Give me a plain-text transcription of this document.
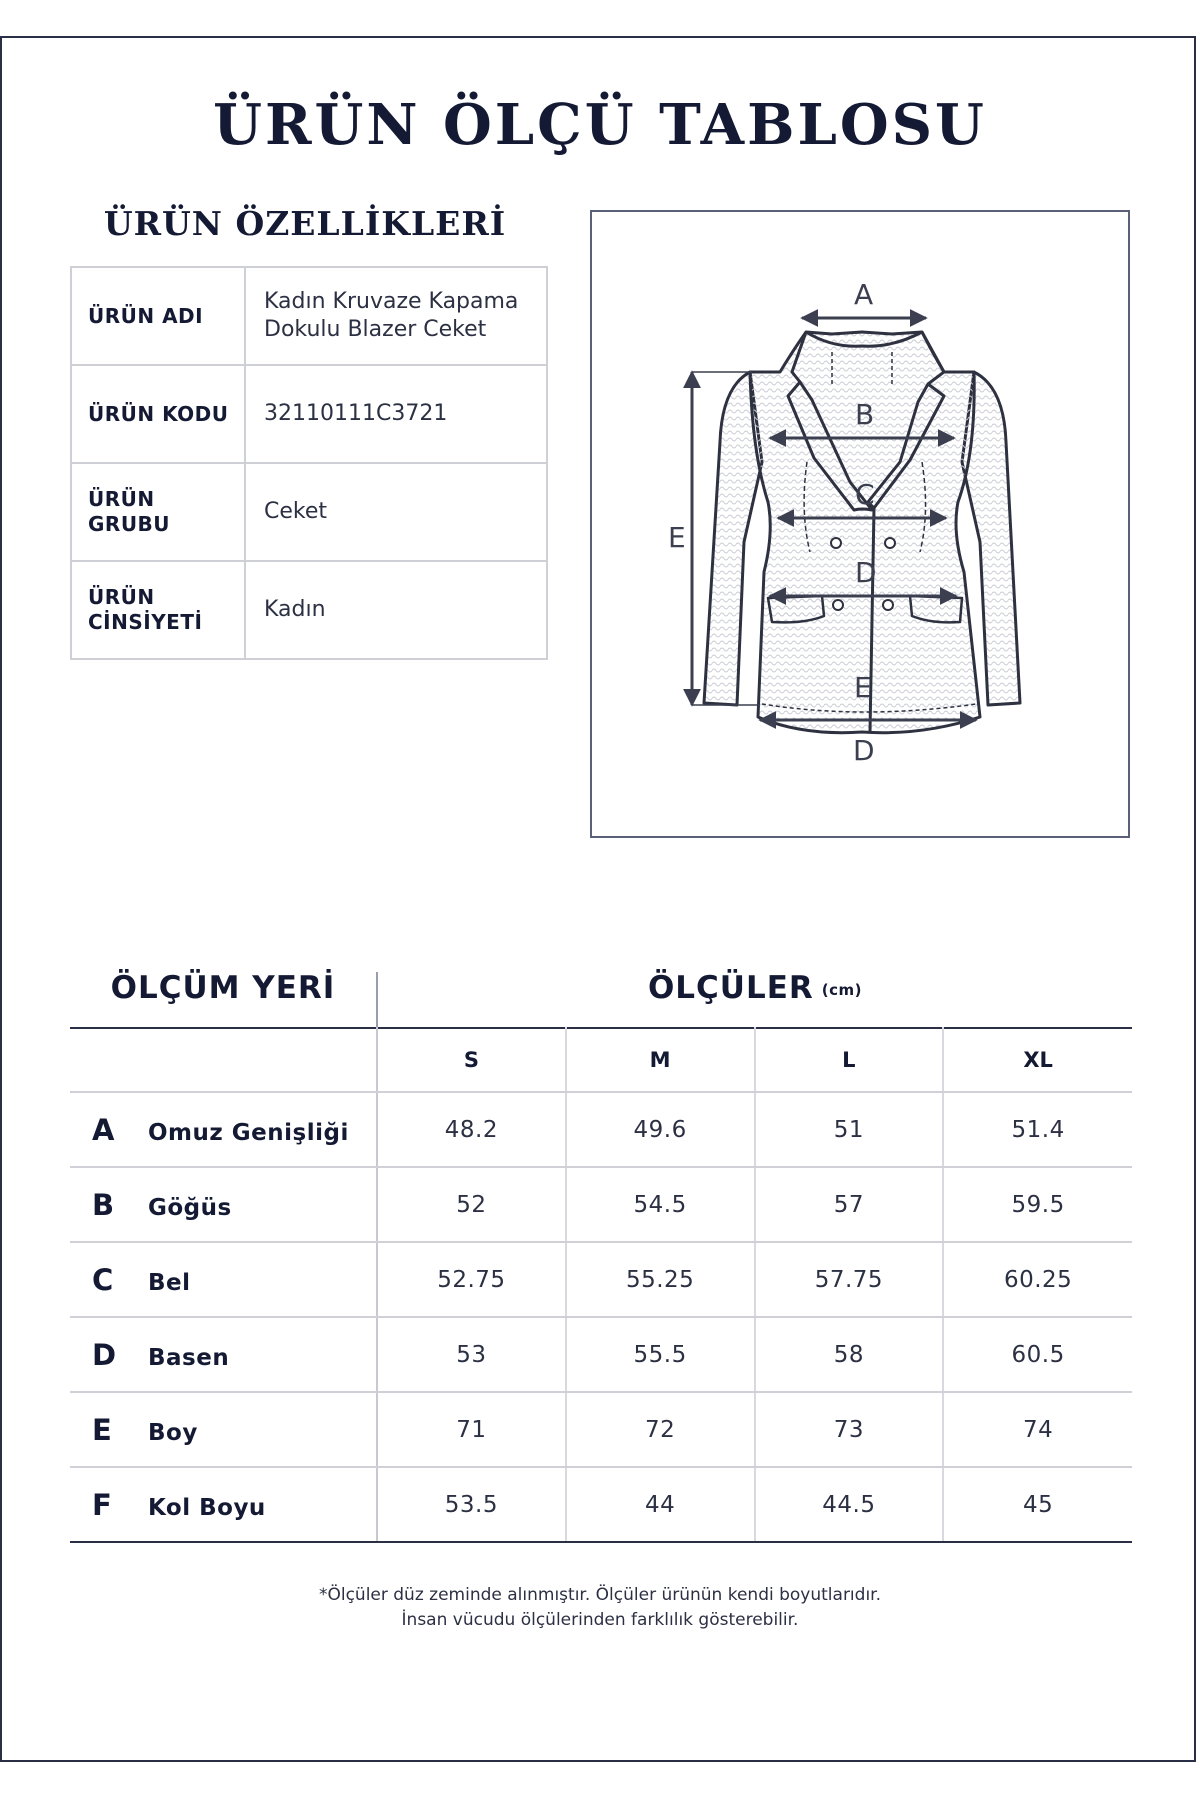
ÜRÜN ÖLÇÜ TABLOSU
ÜRÜN ÖZELLİKLERİ
ÜRÜN ADI	Kadın Kruvaze Kapama Dokulu Blazer Ceket
ÜRÜN KODU	32110111C3721
ÜRÜN GRUBU	Ceket
ÜRÜN CİNSİYETİ	Kadın
A
B
C
D
E
E
D
ÖLÇÜM YERİ	ÖLÇÜLER (cm)
	S	M	L	XL
A Omuz Genişliği	48.2	49.6	51	51.4
B Göğüs	52	54.5	57	59.5
C Bel	52.75	55.25	57.75	60.25
D Basen	53	55.5	58	60.5
E Boy	71	72	73	74
F Kol Boyu	53.5	44	44.5	45

*Ölçüler düz zeminde alınmıştır. Ölçüler ürünün kendi boyutlarıdır.
İnsan vücudu ölçülerinden farklılık gösterebilir.
